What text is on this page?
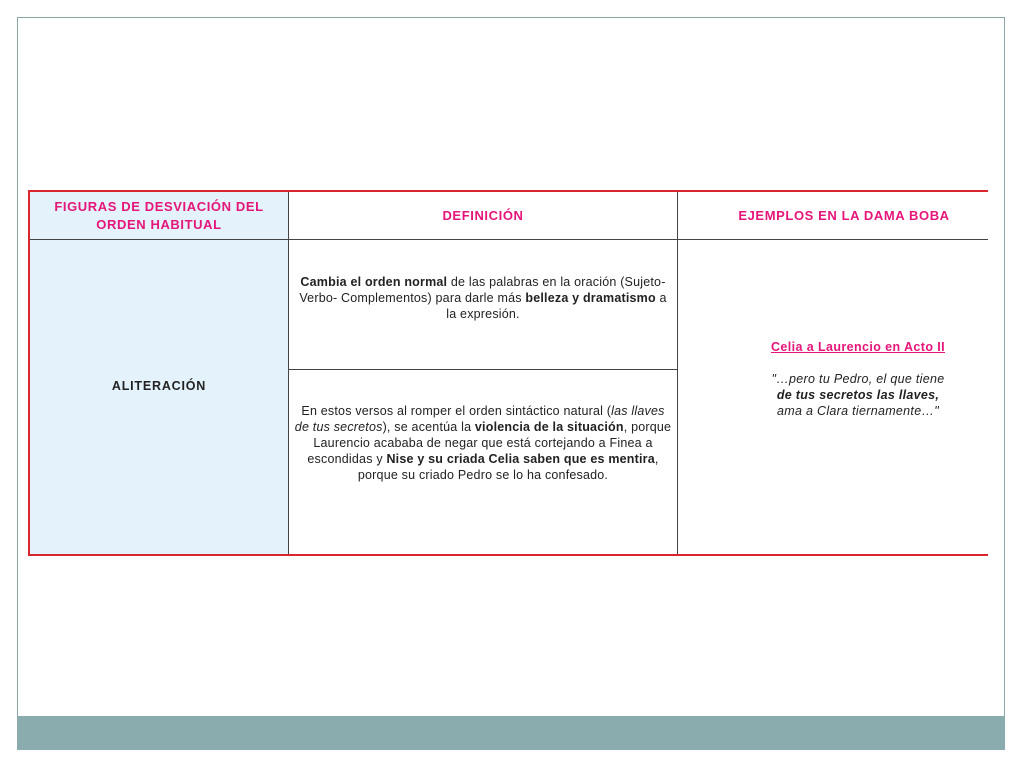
FIGURAS DE DESVIACIÓN DEL ORDEN HABITUAL
DEFINICIÓN	EJEMPLOS EN LA DAMA BOBA
ALITERACIÓN
Cambia el orden normal de las palabras en la oración (Sujeto-Verbo- Complementos) para darle más belleza y dramatismo a la expresión.
En estos versos al romper el orden sintáctico natural (las llaves de tus secretos), se acentúa la violencia de la situación, porque Laurencio acababa de negar que está cortejando a Finea a escondidas y Nise y su criada Celia saben que es mentira, porque su criado Pedro se lo ha confesado.
Celia a Laurencio en Acto II
"…pero tu Pedro, el que tiene
de tus secretos las llaves,
ama a Clara tiernamente…"
